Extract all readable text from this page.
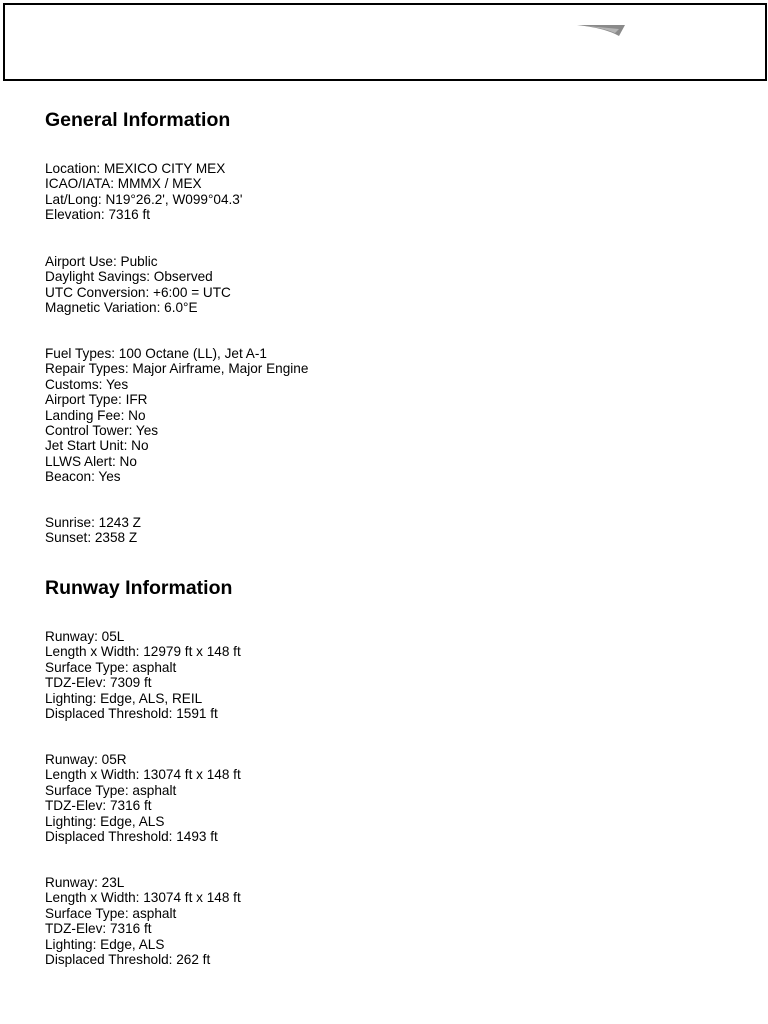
General Information
Location: MEXICO CITY MEX
ICAO/IATA: MMMX / MEX
Lat/Long: N19°26.2', W099°04.3'
Elevation: 7316 ft
Airport Use: Public
Daylight Savings: Observed
UTC Conversion: +6:00 = UTC
Magnetic Variation: 6.0°E
Fuel Types: 100 Octane (LL), Jet A-1
Repair Types: Major Airframe, Major Engine
Customs: Yes
Airport Type: IFR
Landing Fee: No
Control Tower: Yes
Jet Start Unit: No
LLWS Alert: No
Beacon: Yes
Sunrise: 1243 Z
Sunset: 2358 Z
Runway Information
Runway: 05L
Length x Width: 12979 ft x 148 ft
Surface Type: asphalt
TDZ-Elev: 7309 ft
Lighting: Edge, ALS, REIL
Displaced Threshold: 1591 ft
Runway: 05R
Length x Width: 13074 ft x 148 ft
Surface Type: asphalt
TDZ-Elev: 7316 ft
Lighting: Edge, ALS
Displaced Threshold: 1493 ft
Runway: 23L
Length x Width: 13074 ft x 148 ft
Surface Type: asphalt
TDZ-Elev: 7316 ft
Lighting: Edge, ALS
Displaced Threshold: 262 ft
